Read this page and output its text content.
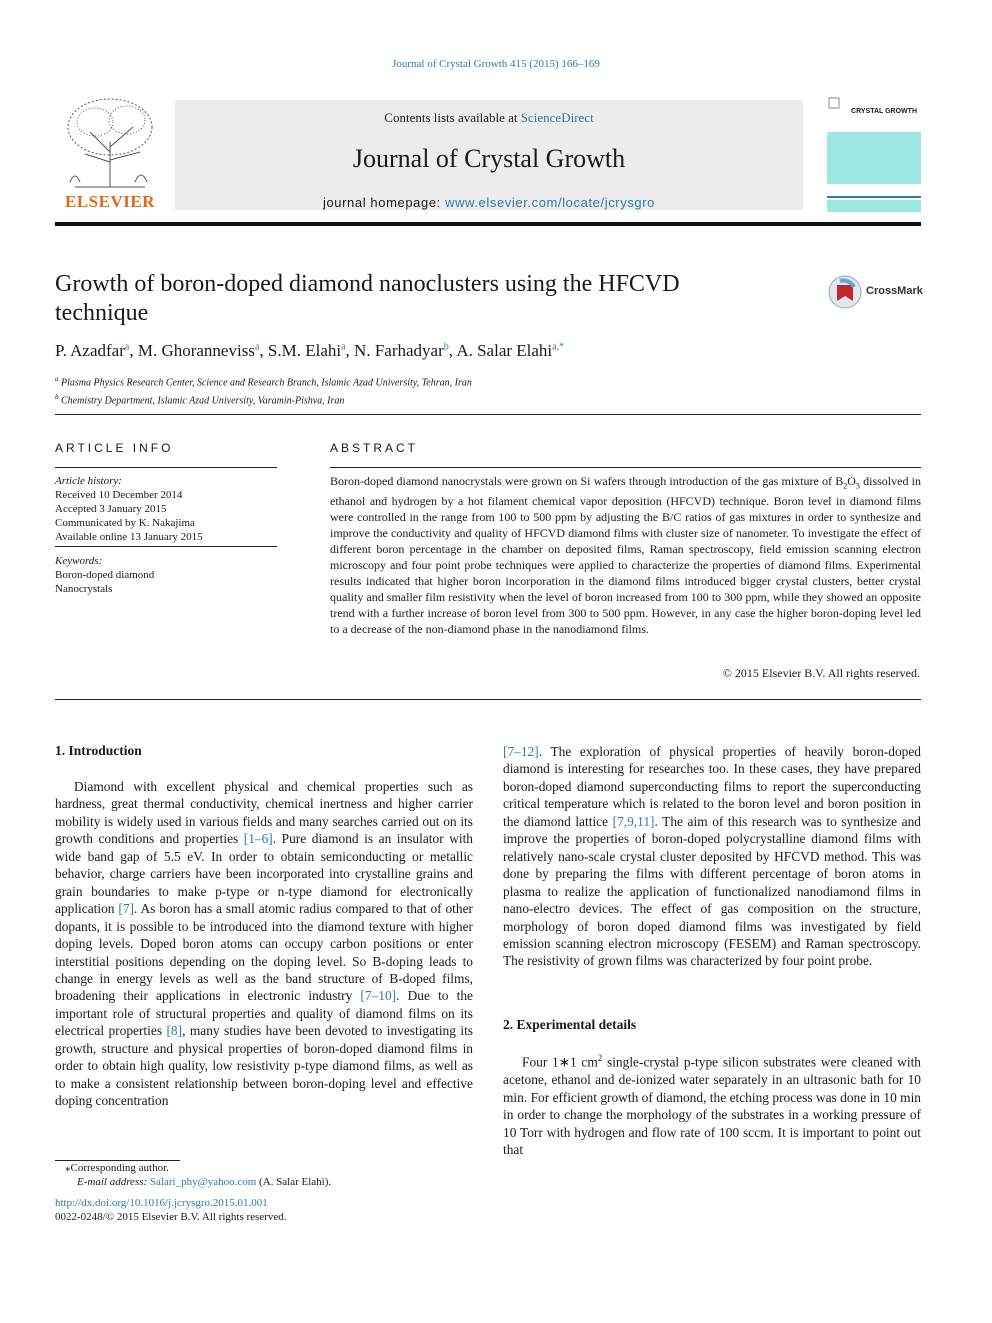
Journal of Crystal Growth 415 (2015) 166–169
ELSEVIER
Contents lists available at ScienceDirect
Journal of Crystal Growth
journal homepage: www.elsevier.com/locate/jcrysgro
CRYSTAL GROWTH
Growth of boron-doped diamond nanoclusters using the HFCVD technique
CrossMark
P. Azadfar$^a$, M. Ghoranneviss$^a$, S.M. Elahi$^a$, N. Farhadyar$^b$, A. Salar Elahi$^{a,*}$
$^a$ Plasma Physics Research Center, Science and Research Branch, Islamic Azad University, Tehran, Iran
$^b$ Chemistry Department, Islamic Azad University, Varamin-Pishva, Iran
ARTICLE INFO	ABSTRACT
Article history:
Received 10 December 2014
Accepted 3 January 2015
Communicated by K. Nakajima
Available online 13 January 2015
Keywords:
Boron-doped diamond
Nanocrystals
Boron-doped diamond nanocrystals were grown on Si wafers through introduction of the gas mixture of $B_2O_3$ dissolved in ethanol and hydrogen by a hot filament chemical vapor deposition (HFCVD) technique. Boron level in diamond films were controlled in the range from 100 to 500 ppm by adjusting the B/C ratios of gas mixtures in order to synthesize and improve the conductivity and quality of HFCVD diamond films with cluster size of nanometer. To investigate the effect of different boron percentage in the chamber on deposited films, Raman spectroscopy, field emission scanning electron microscopy and four point probe techniques were applied to characterize the properties of diamond films. Experimental results indicated that higher boron incorporation in the diamond films introduced bigger crystal clusters, better crystal quality and smaller film resistivity when the level of boron increased from 100 to 300 ppm, while they showed an opposite trend with a further increase of boron level from 300 to 500 ppm. However, in any case the higher boron-doping level led to a decrease of the non-diamond phase in the nanodiamond films.
© 2015 Elsevier B.V. All rights reserved.
1. Introduction

Diamond with excellent physical and chemical properties such as hardness, great thermal conductivity, chemical inertness and higher carrier mobility is widely used in various fields and many searches carried out on its growth conditions and properties [1–6]. Pure diamond is an insulator with wide band gap of 5.5 eV. In order to obtain semiconducting or metallic behavior, charge carriers have been incorporated into crystalline grains and grain boundaries to make p-type or n-type diamond for electronically application [7]. As boron has a small atomic radius compared to that of other dopants, it is possible to be introduced into the diamond texture with higher doping levels. Doped boron atoms can occupy carbon positions or enter interstitial positions depending on the doping level. So B-doping leads to change in energy levels as well as the band structure of B-doped films, broadening their applications in electronic industry [7–10]. Due to the important role of structural properties and quality of diamond films on its electrical properties [8], many studies have been devoted to investigating its growth, structure and physical properties of boron-doped diamond films in order to obtain high quality, low resistivity p-type diamond films, as well as to make a consistent relationship between boron-doping level and effective doping concentration

[7–12]. The exploration of physical properties of heavily boron-doped diamond is interesting for researches too. In these cases, they have prepared boron-doped diamond superconducting films to report the superconducting critical temperature which is related to the boron level and boron position in the diamond lattice [7,9,11]. The aim of this research was to synthesize and improve the properties of boron-doped polycrystalline diamond films with relatively nano-scale crystal cluster deposited by HFCVD method. This was done by preparing the films with different percentage of boron atoms in plasma to realize the application of functionalized nanodiamond films in nano-electro devices. The effect of gas composition on the structure, morphology of boron doped diamond films was investigated by field emission scanning electron microscopy (FESEM) and Raman spectroscopy. The resistivity of grown films was characterized by four point probe.

2. Experimental details

Four 1∗1 $cm^2$ single-crystal p-type silicon substrates were cleaned with acetone, ethanol and de-ionized water separately in an ultrasonic bath for 10 min. For efficient growth of diamond, the etching process was done in 10 min in order to change the morphology of the substrates in a working pressure of 10 Torr with hydrogen and flow rate of 100 sccm. It is important to point out that

⁎Corresponding author.
E-mail address: Salari_phy@yahoo.com (A. Salar Elahi).
http://dx.doi.org/10.1016/j.jcrysgro.2015.01.001
0022-0248/© 2015 Elsevier B.V. All rights reserved.
